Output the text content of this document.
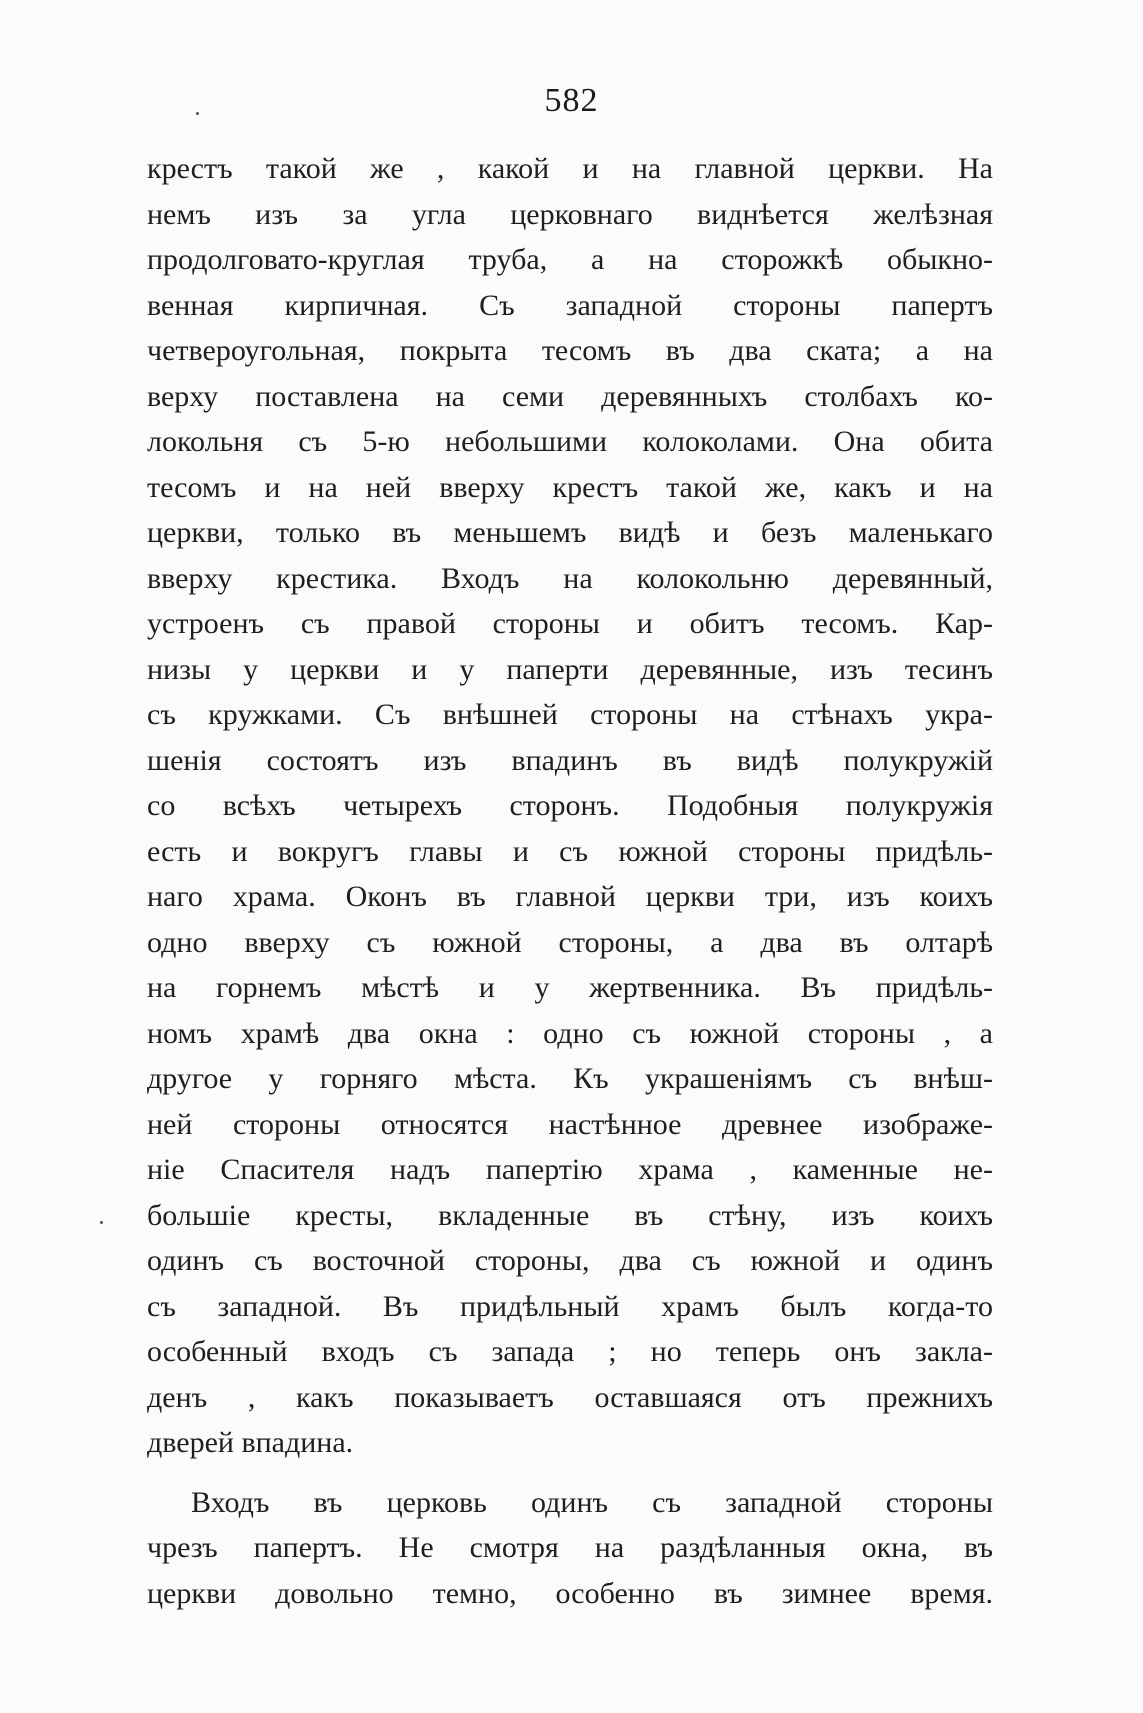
582
крестъ такой же , какой и на главной церкви. На
немъ изъ за угла церковнаго виднѣется желѣзная
продолговато-круглая труба, а на сторожкѣ обыкно-
венная кирпичная. Съ западной стороны папертъ
четвероугольная, покрыта тесомъ въ два ската; а на
верху поставлена на семи деревянныхъ столбахъ ко-
локольня съ 5-ю небольшими колоколами. Она обита
тесомъ и на ней вверху крестъ такой же, какъ и на
церкви, только въ меньшемъ видѣ и безъ маленькаго
вверху крестика. Входъ на колокольню деревянный,
устроенъ съ правой стороны и обитъ тесомъ. Кар-
низы у церкви и у паперти деревянные, изъ тесинъ
съ кружками. Съ внѣшней стороны на стѣнахъ укра-
шенія состоятъ изъ впадинъ въ видѣ полукружій
со всѣхъ четырехъ сторонъ. Подобныя полукружія
есть и вокругъ главы и съ южной стороны придѣль-
наго храма. Оконъ въ главной церкви три, изъ коихъ
одно вверху съ южной стороны, а два въ олтарѣ
на горнемъ мѣстѣ и у жертвенника. Въ придѣль-
номъ храмѣ два окна : одно съ южной стороны , а
другое у горняго мѣста. Къ украшеніямъ съ внѣш-
ней стороны относятся настѣнное древнее изображе-
ніе Спасителя надъ папертію храма , каменные не-
большіе кресты, вкладенные въ стѣну, изъ коихъ
одинъ съ восточной стороны, два съ южной и одинъ
съ западной. Въ придѣльный храмъ былъ когда-то
особенный входъ съ запада ; но теперь онъ закла-
денъ , какъ показываетъ оставшаяся отъ прежнихъ
дверей впадина.
Входъ въ церковь одинъ съ западной стороны
чрезъ папертъ. Не смотря на раздѣланныя окна, въ
церкви довольно темно, особенно въ зимнее время.
